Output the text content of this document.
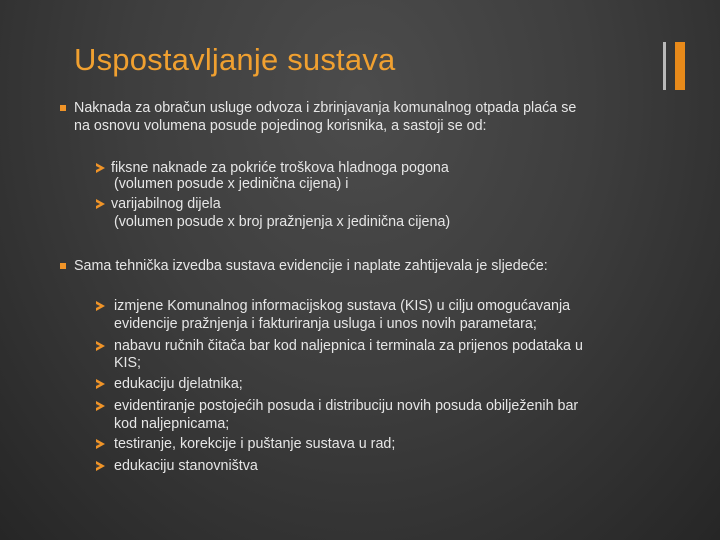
Uspostavljanje sustava
Naknada za obračun usluge odvoza i zbrinjavanja komunalnog otpada plaća se
na osnovu volumena posude pojedinog korisnika, a sastoji se od:
fiksne naknade za pokriće troškova hladnoga pogona
(volumen posude x jedinična cijena) i
varijabilnog dijela
(volumen posude x broj pražnjenja x jedinična cijena)
Sama tehnička izvedba sustava evidencije i naplate zahtijevala je sljedeće:
izmjene Komunalnog informacijskog sustava (KIS) u cilju omogućavanja
evidencije pražnjenja i fakturiranja usluga i unos novih parametara;
nabavu ručnih čitača bar kod naljepnica i terminala za prijenos podataka u
KIS;
edukaciju djelatnika;
evidentiranje postojećih posuda i distribuciju novih posuda obilježenih bar
kod naljepnicama;
testiranje, korekcije i puštanje sustava u rad;
edukaciju stanovništva
